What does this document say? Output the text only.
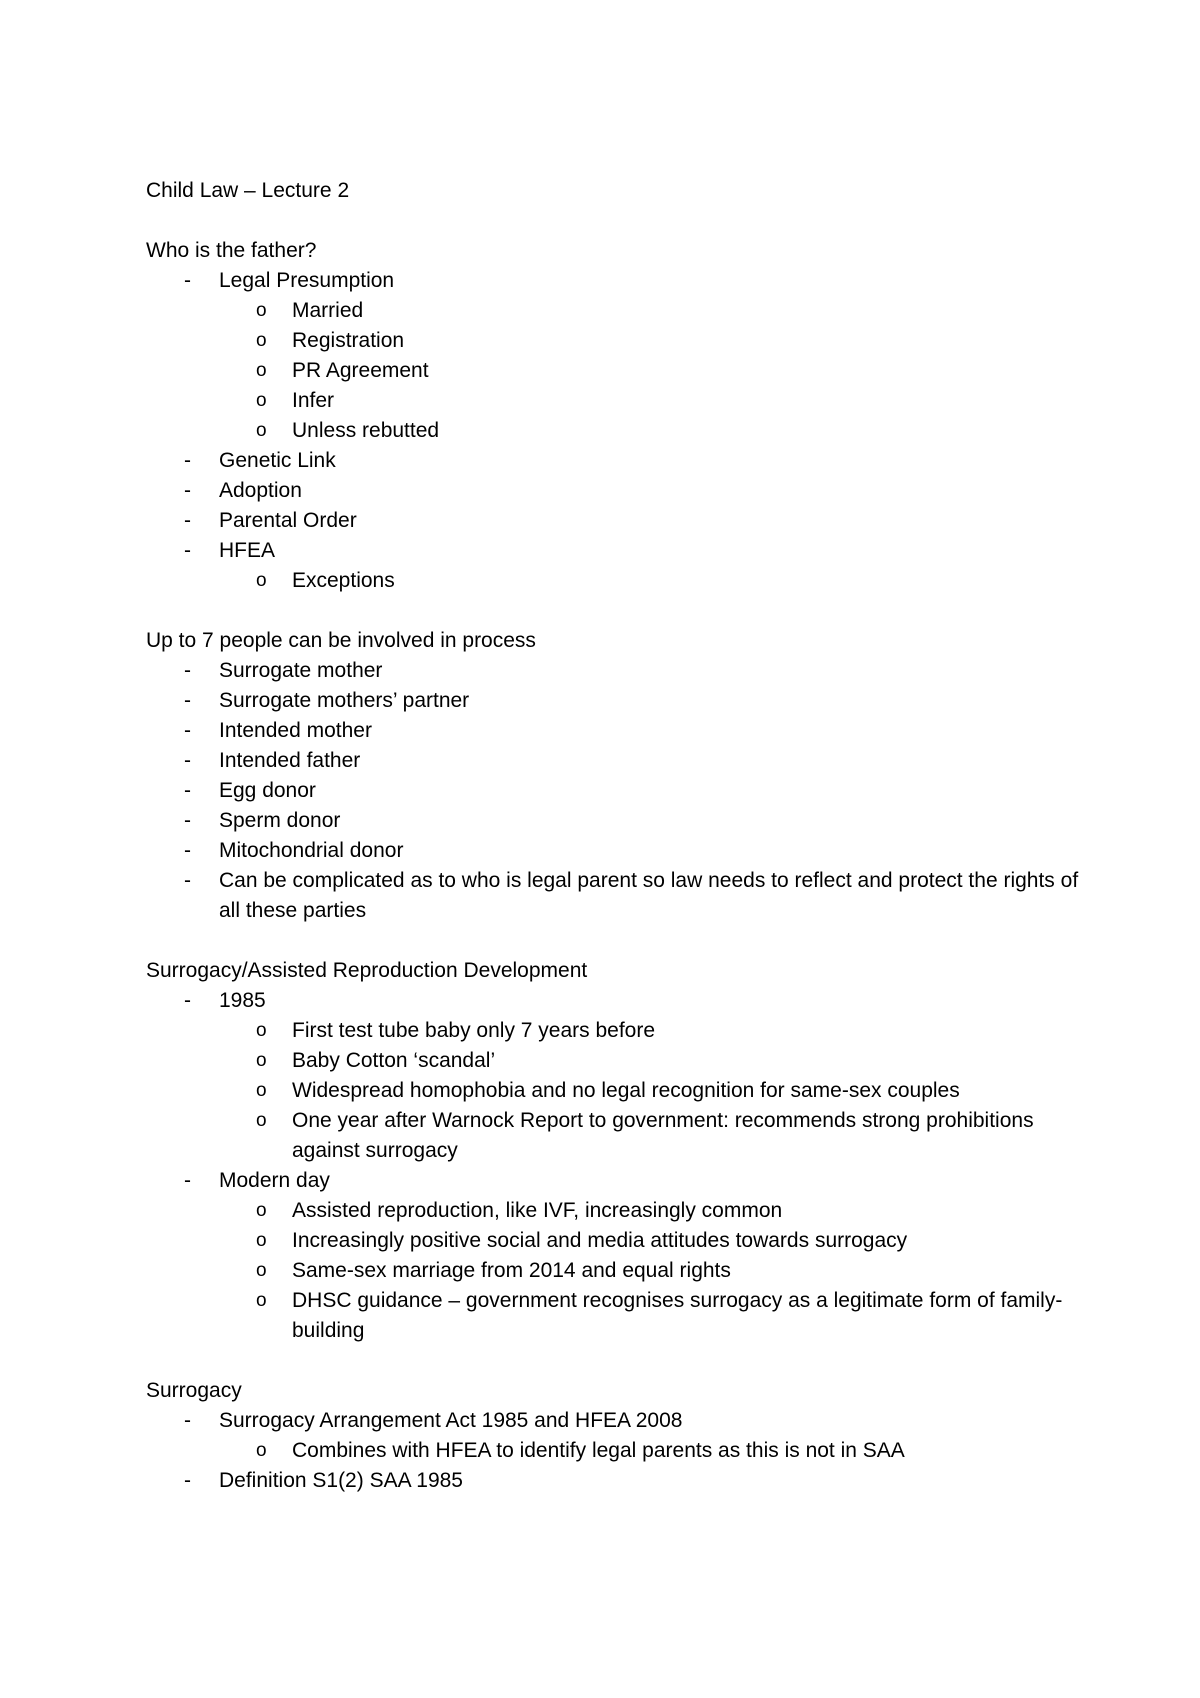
Child Law – Lecture 2
Who is the father?
- Legal Presumption
o Married
o Registration
o PR Agreement
o Infer
o Unless rebutted
- Genetic Link
- Adoption
- Parental Order
- HFEA
o Exceptions
Up to 7 people can be involved in process
- Surrogate mother
- Surrogate mothers’ partner
- Intended mother
- Intended father
- Egg donor
- Sperm donor
- Mitochondrial donor
- Can be complicated as to who is legal parent so law needs to reflect and protect the rights of all these parties
Surrogacy/Assisted Reproduction Development
- 1985
o First test tube baby only 7 years before
o Baby Cotton ‘scandal’
o Widespread homophobia and no legal recognition for same-sex couples
o One year after Warnock Report to government: recommends strong prohibitions against surrogacy
- Modern day
o Assisted reproduction, like IVF, increasingly common
o Increasingly positive social and media attitudes towards surrogacy
o Same-sex marriage from 2014 and equal rights
o DHSC guidance – government recognises surrogacy as a legitimate form of family-building
Surrogacy
- Surrogacy Arrangement Act 1985 and HFEA 2008
o Combines with HFEA to identify legal parents as this is not in SAA
- Definition S1(2) SAA 1985
